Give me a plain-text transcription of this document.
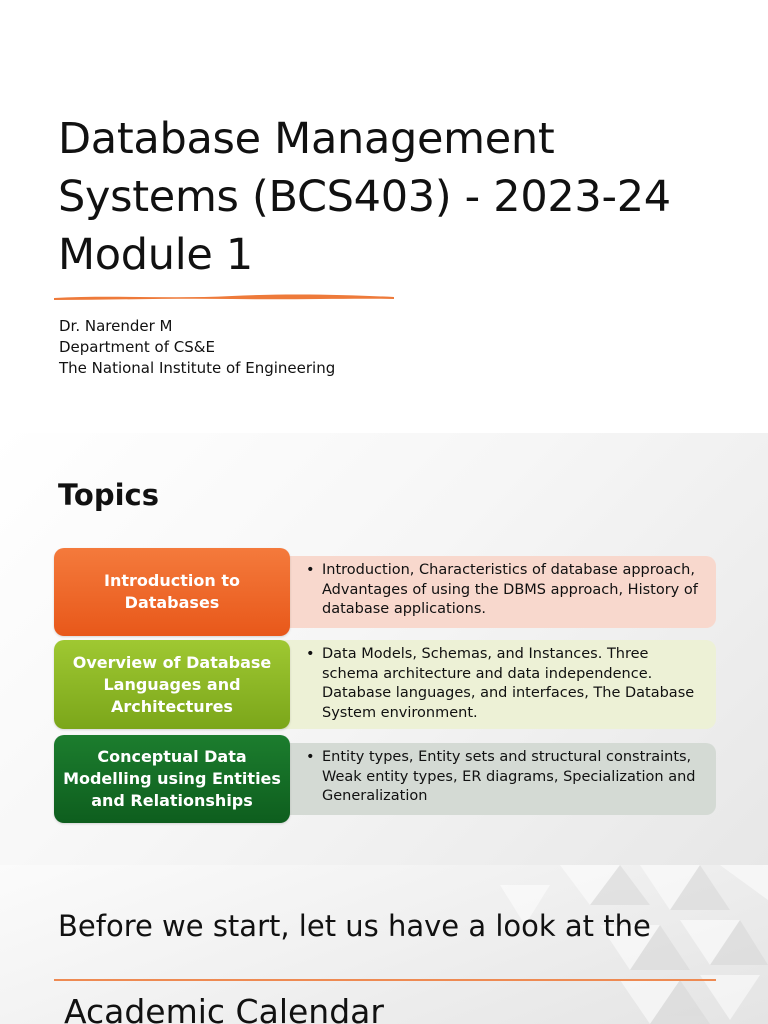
Database Management
Systems (BCS403) - 2023-24
Module 1
Dr. Narender M
Department of CS&E
The National Institute of Engineering
Topics
• Introduction, Characteristics of database approach, Advantages of using the DBMS approach, History of database applications.
Introduction to Databases
• Data Models, Schemas, and Instances. Three schema architecture and data independence. Database languages, and interfaces, The Database System environment.
Overview of Database Languages and Architectures
• Entity types, Entity sets and structural constraints, Weak entity types, ER diagrams, Specialization and Generalization
Conceptual Data Modelling using Entities and Relationships
Before we start, let us have a look at the
Academic Calendar
